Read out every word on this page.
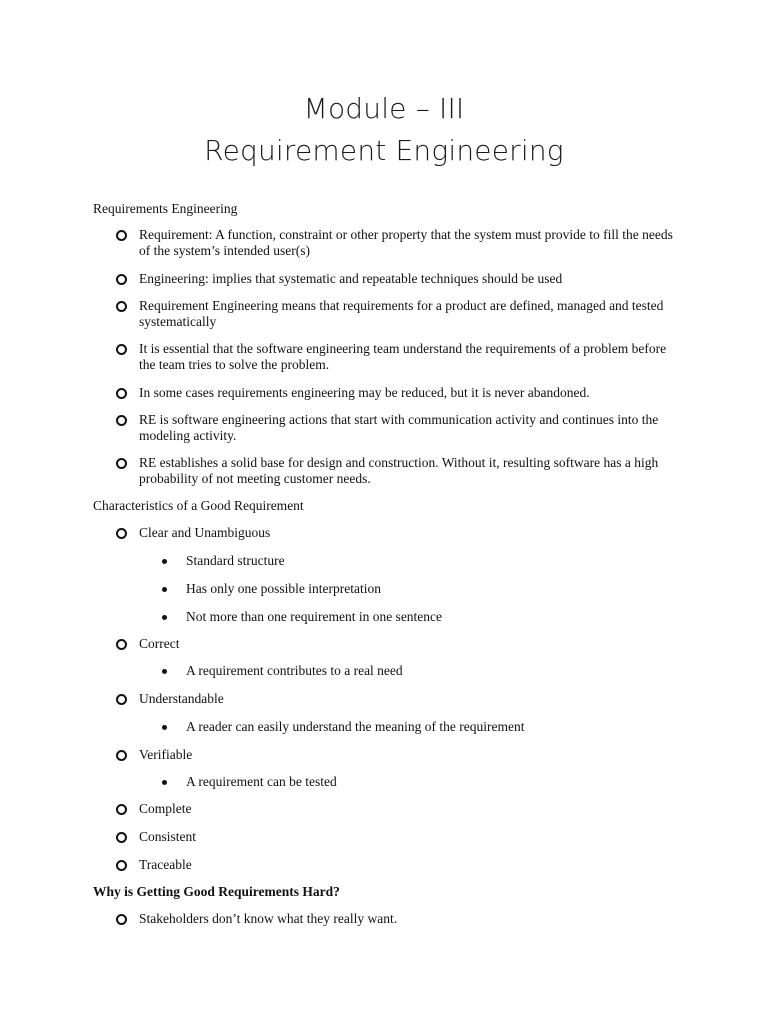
Module – III
Requirement Engineering
Requirements Engineering
Requirement: A function, constraint or other property that the system must provide to fill the needs of the system’s intended user(s)
Engineering: implies that systematic and repeatable techniques should be used
Requirement Engineering means that requirements for a product are defined, managed and tested systematically
It is essential that the software engineering team understand the requirements of a problem before the team tries to solve the problem.
In some cases requirements engineering may be reduced, but it is never abandoned.
RE is software engineering actions that start with communication activity and continues into the modeling activity.
RE establishes a solid base for design and construction. Without it, resulting software has a high probability of not meeting customer needs.
Characteristics of a Good Requirement
Clear and Unambiguous
Standard structure
Has only one possible interpretation
Not more than one requirement in one sentence
Correct
A requirement contributes to a real need
Understandable
A reader can easily understand the meaning of the requirement
Verifiable
A requirement can be tested
Complete
Consistent
Traceable
Why is Getting Good Requirements Hard?
Stakeholders don’t know what they really want.
